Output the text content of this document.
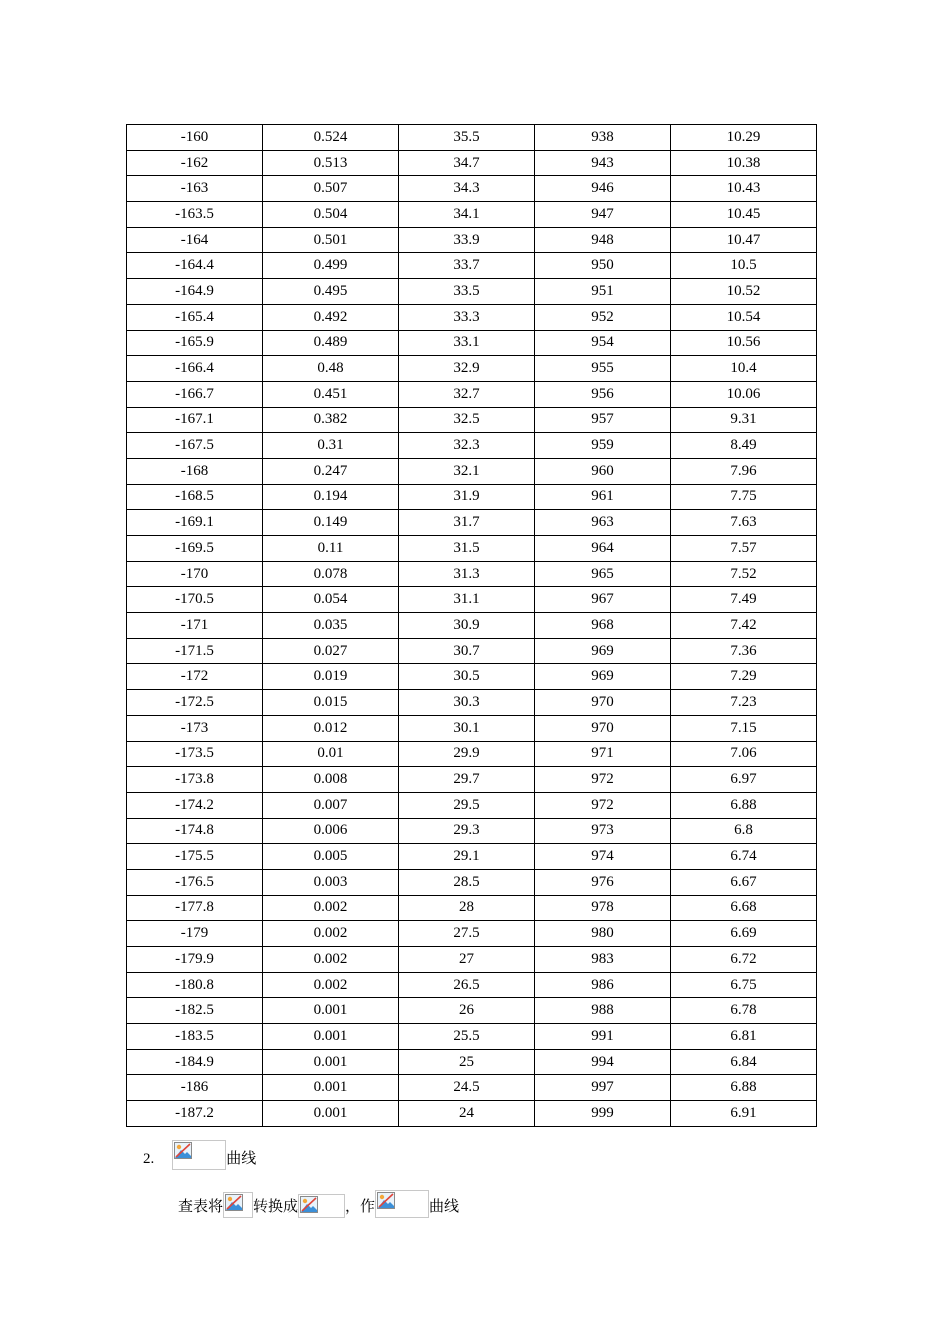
-160	0.524	35.5	938	10.29
-162	0.513	34.7	943	10.38
-163	0.507	34.3	946	10.43
-163.5	0.504	34.1	947	10.45
-164	0.501	33.9	948	10.47
-164.4	0.499	33.7	950	10.5
-164.9	0.495	33.5	951	10.52
-165.4	0.492	33.3	952	10.54
-165.9	0.489	33.1	954	10.56
-166.4	0.48	32.9	955	10.4
-166.7	0.451	32.7	956	10.06
-167.1	0.382	32.5	957	9.31
-167.5	0.31	32.3	959	8.49
-168	0.247	32.1	960	7.96
-168.5	0.194	31.9	961	7.75
-169.1	0.149	31.7	963	7.63
-169.5	0.11	31.5	964	7.57
-170	0.078	31.3	965	7.52
-170.5	0.054	31.1	967	7.49
-171	0.035	30.9	968	7.42
-171.5	0.027	30.7	969	7.36
-172	0.019	30.5	969	7.29
-172.5	0.015	30.3	970	7.23
-173	0.012	30.1	970	7.15
-173.5	0.01	29.9	971	7.06
-173.8	0.008	29.7	972	6.97
-174.2	0.007	29.5	972	6.88
-174.8	0.006	29.3	973	6.8
-175.5	0.005	29.1	974	6.74
-176.5	0.003	28.5	976	6.67
-177.8	0.002	28	978	6.68
-179	0.002	27.5	980	6.69
-179.9	0.002	27	983	6.72
-180.8	0.002	26.5	986	6.75
-182.5	0.001	26	988	6.78
-183.5	0.001	25.5	991	6.81
-184.9	0.001	25	994	6.84
-186	0.001	24.5	997	6.88
-187.2	0.001	24	999	6.91
2.	曲线
查表将 转换成	，作	曲线
